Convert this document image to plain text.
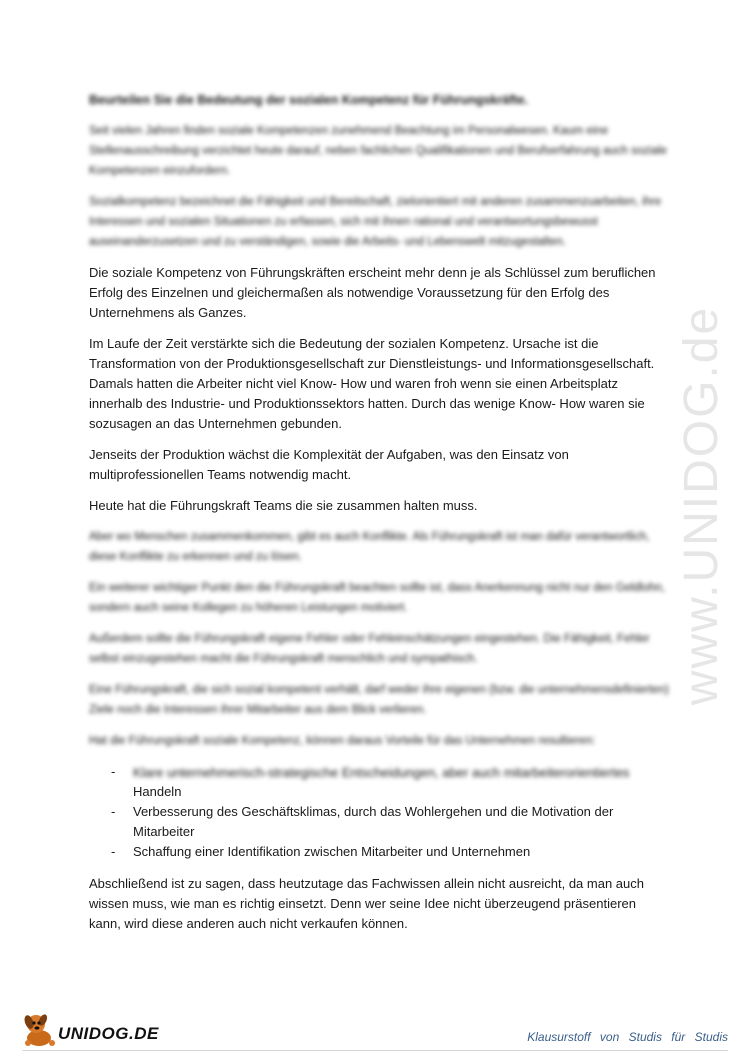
www.UNIDOG.de

Beurteilen Sie die Bedeutung der sozialen Kompetenz für Führungskräfte.

Seit vielen Jahren finden soziale Kompetenzen zunehmend Beachtung im Personalwesen. Kaum eine Stellenausschreibung verzichtet heute darauf, neben fachlichen Qualifikationen und Berufserfahrung auch soziale Kompetenzen einzufordern.

Sozialkompetenz bezeichnet die Fähigkeit und Bereitschaft, zielorientiert mit anderen zusammenzuarbeiten, ihre Interessen und sozialen Situationen zu erfassen, sich mit ihnen rational und verantwortungsbewusst auseinanderzusetzen und zu verständigen, sowie die Arbeits- und Lebenswelt mitzugestalten.

Die soziale Kompetenz von Führungskräften erscheint mehr denn je als Schlüssel zum beruflichen Erfolg des Einzelnen und gleichermaßen als notwendige Voraussetzung für den Erfolg des Unternehmens als Ganzes.

Im Laufe der Zeit verstärkte sich die Bedeutung der sozialen Kompetenz. Ursache ist die Transformation von der Produktionsgesellschaft zur Dienstleistungs- und Informationsgesellschaft. Damals hatten die Arbeiter nicht viel Know- How und waren froh wenn sie einen Arbeitsplatz innerhalb des Industrie- und Produktionssektors hatten. Durch das wenige Know- How waren sie sozusagen an das Unternehmen gebunden.

Jenseits der Produktion wächst die Komplexität der Aufgaben, was den Einsatz von multiprofessionellen Teams notwendig macht.

Heute hat die Führungskraft Teams die sie zusammen halten muss.

Aber wo Menschen zusammenkommen, gibt es auch Konflikte. Als Führungskraft ist man dafür verantwortlich, diese Konflikte zu erkennen und zu lösen.

Ein weiterer wichtiger Punkt den die Führungskraft beachten sollte ist, dass Anerkennung nicht nur den Geldlohn, sondern auch seine Kollegen zu höheren Leistungen motiviert.

Außerdem sollte die Führungskraft eigene Fehler oder Fehleinschätzungen eingestehen. Die Fähigkeit, Fehler selbst einzugestehen macht die Führungskraft menschlich und sympathisch.

Eine Führungskraft, die sich sozial kompetent verhält, darf weder ihre eigenen (bzw. die unternehmensdefinierten) Ziele noch die Interessen ihrer Mitarbeiter aus dem Blick verlieren.

Hat die Führungskraft soziale Kompetenz, können daraus Vorteile für das Unternehmen resultieren:

- Klare unternehmerisch-strategische Entscheidungen, aber auch mitarbeiterorientiertes
Handeln
- Verbesserung des Geschäftsklimas, durch das Wohlergehen und die Motivation der Mitarbeiter
- Schaffung einer Identifikation zwischen Mitarbeiter und Unternehmen

Abschließend ist zu sagen, dass heutzutage das Fachwissen allein nicht ausreicht, da man auch wissen muss, wie man es richtig einsetzt. Denn wer seine Idee nicht überzeugend präsentieren kann, wird diese anderen auch nicht verkaufen können.

UNIDOG.DE	Klausurstoff von Studis für Studis
